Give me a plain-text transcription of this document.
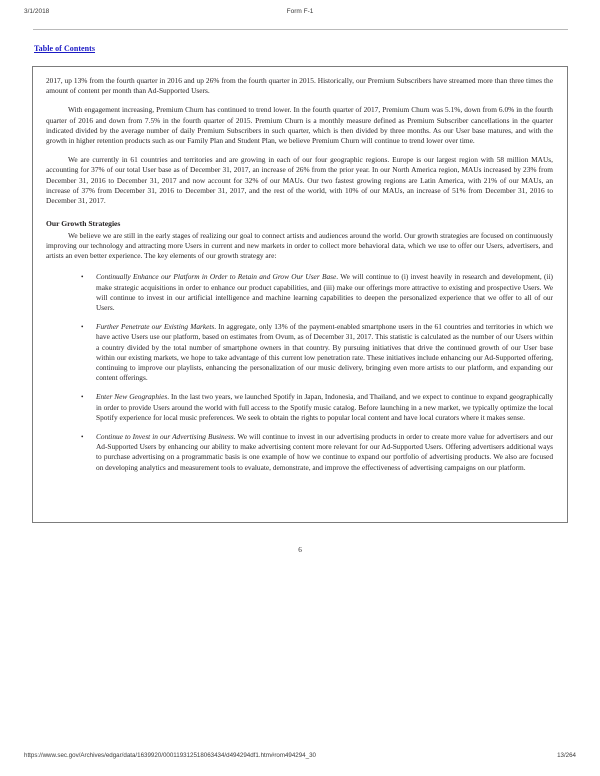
3/1/2018	Form F-1
Table of Contents

2017, up 13% from the fourth quarter in 2016 and up 26% from the fourth quarter in 2015. Historically, our Premium Subscribers have streamed more than three times the amount of content per month than Ad-Supported Users.

With engagement increasing, Premium Churn has continued to trend lower. In the fourth quarter of 2017, Premium Churn was 5.1%, down from 6.0% in the fourth quarter of 2016 and down from 7.5% in the fourth quarter of 2015. Premium Churn is a monthly measure defined as Premium Subscriber cancellations in the quarter indicated divided by the average number of daily Premium Subscribers in such quarter, which is then divided by three months. As our User base matures, and with the growth in higher retention products such as our Family Plan and Student Plan, we believe Premium Churn will continue to trend lower over time.

We are currently in 61 countries and territories and are growing in each of our four geographic regions. Europe is our largest region with 58 million MAUs, accounting for 37% of our total User base as of December 31, 2017, an increase of 26% from the prior year. In our North America region, MAUs increased by 23% from December 31, 2016 to December 31, 2017 and now account for 32% of our MAUs. Our two fastest growing regions are Latin America, with 21% of our MAUs, an increase of 37% from December 31, 2016 to December 31, 2017, and the rest of the world, with 10% of our MAUs, an increase of 51% from December 31, 2016 to December 31, 2017.

Our Growth Strategies

We believe we are still in the early stages of realizing our goal to connect artists and audiences around the world. Our growth strategies are focused on continuously improving our technology and attracting more Users in current and new markets in order to collect more behavioral data, which we use to offer our Users, advertisers, and artists an even better experience. The key elements of our growth strategy are:

• Continually Enhance our Platform in Order to Retain and Grow Our User Base. We will continue to (i) invest heavily in research and development, (ii) make strategic acquisitions in order to enhance our product capabilities, and (iii) make our offerings more attractive to existing and prospective Users. We will continue to invest in our artificial intelligence and machine learning capabilities to deepen the personalized experience that we offer to all of our Users.
• Further Penetrate our Existing Markets. In aggregate, only 13% of the payment-enabled smartphone users in the 61 countries and territories in which we have active Users use our platform, based on estimates from Ovum, as of December 31, 2017. This statistic is calculated as the number of our Users within a country divided by the total number of smartphone owners in that country. By pursuing initiatives that drive the continued growth of our User base within our existing markets, we hope to take advantage of this current low penetration rate. These initiatives include enhancing our Ad-Supported offering, continuing to improve our playlists, enhancing the personalization of our music delivery, bringing even more artists to our platform, and expanding our content offerings.
• Enter New Geographies. In the last two years, we launched Spotify in Japan, Indonesia, and Thailand, and we expect to continue to expand geographically in order to provide Users around the world with full access to the Spotify music catalog. Before launching in a new market, we typically optimize the local Spotify experience for local music preferences. We seek to obtain the rights to popular local content and have local curators where it makes sense.
• Continue to Invest in our Advertising Business. We will continue to invest in our advertising products in order to create more value for advertisers and our Ad-Supported Users by enhancing our ability to make advertising content more relevant for our Ad-Supported Users. Offering advertisers additional ways to purchase advertising on a programmatic basis is one example of how we continue to expand our portfolio of advertising products. We also are focused on developing analytics and measurement tools to evaluate, demonstrate, and improve the effectiveness of advertising campaigns on our platform.
6
https://www.sec.gov/Archives/edgar/data/1639920/000119312518063434/d494294df1.htm#rom494294_30	13/264
